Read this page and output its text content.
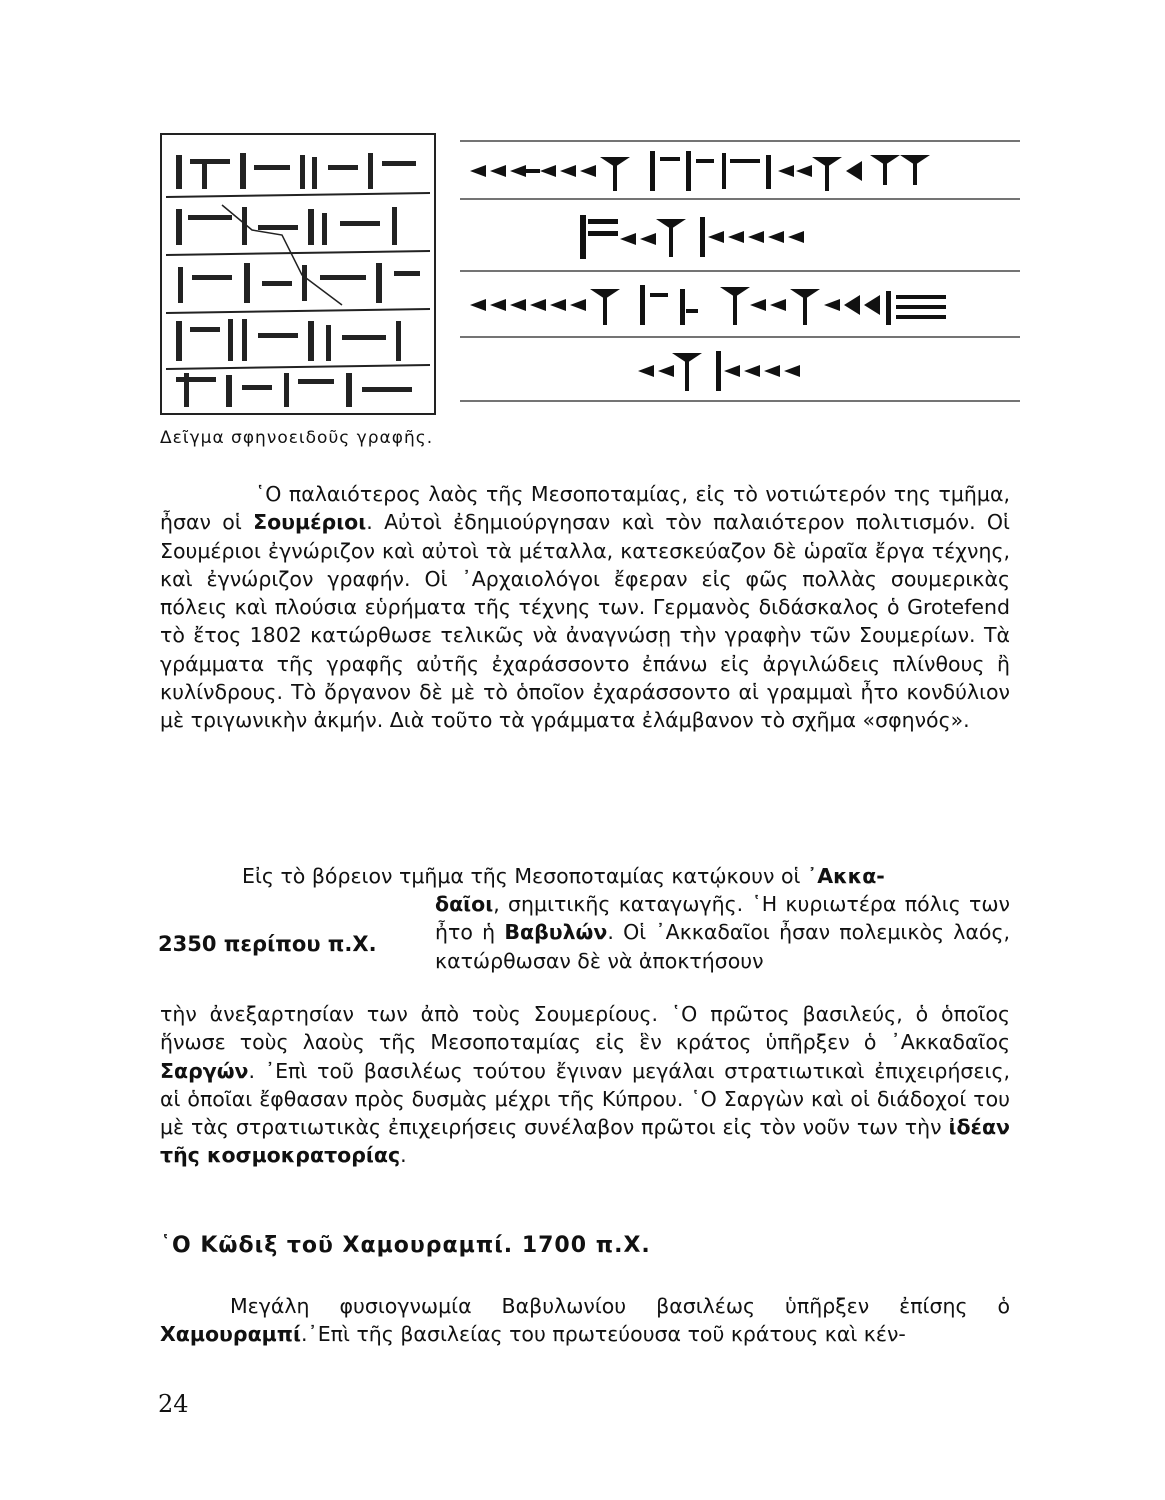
Δεῖγμα σφηνοειδοῦς γραφῆς.
῾Ο παλαιότερος λαὸς τῆς Μεσοποταμίας, εἰς τὸ νοτιώτερόν της τμῆμα, ἦσαν οἱ Σουμέριοι. Αὐτοὶ ἐδημιούργησαν καὶ τὸν παλαιότερον πολιτισμόν. Οἱ Σουμέριοι ἐγνώριζον καὶ αὐτοὶ τὰ μέταλλα, κατεσκεύαζον δὲ ὡραῖα ἔργα τέχνης, καὶ ἐγνώριζον γραφήν. Οἱ ᾿Αρχαιολόγοι ἔφεραν εἰς φῶς πολλὰς σουμερικὰς πόλεις καὶ πλούσια εὑρήματα τῆς τέχνης των. Γερμανὸς διδάσκαλος ὁ Grotefend τὸ ἔτος 1802 κατώρθωσε τελικῶς νὰ ἀναγνώσῃ τὴν γραφὴν τῶν Σουμερίων. Τὰ γράμματα τῆς γραφῆς αὐτῆς ἐχαράσσοντο ἐπάνω εἰς ἀργιλώδεις πλίνθους ἢ κυλίνδρους. Τὸ ὄργανον δὲ μὲ τὸ ὁποῖον ἐχαράσσοντο αἱ γραμμαὶ ἦτο κονδύλιον μὲ τριγωνικὴν ἀκμήν. Διὰ τοῦτο τὰ γράμματα ἐλάμβανον τὸ σχῆμα «σφηνός».
Εἰς τὸ βόρειον τμῆμα τῆς Μεσοποταμίας κατῴκουν οἱ ᾿Ακκα-
δαῖοι, σημιτικῆς καταγωγῆς. ῾Η κυριωτέρα πόλις των ἦτο ἡ Βαβυλών. Οἱ ᾿Ακκαδαῖοι ἦσαν πολεμικὸς λαός, κατώρθωσαν δὲ νὰ ἀποκτήσουν
2350 περίπου π.Χ.
τὴν ἀνεξαρτησίαν των ἀπὸ τοὺς Σουμερίους. ῾Ο πρῶτος βασιλεύς, ὁ ὁποῖος ἥνωσε τοὺς λαοὺς τῆς Μεσοποταμίας εἰς ἓν κράτος ὑπῆρξεν ὁ ᾿Ακκαδαῖος Σαργών. ᾿Επὶ τοῦ βασιλέως τούτου ἔγιναν μεγάλαι στρατιωτικαὶ ἐπιχειρήσεις, αἱ ὁποῖαι ἔφθασαν πρὸς δυσμὰς μέχρι τῆς Κύπρου. ῾Ο Σαργὼν καὶ οἱ διάδοχοί του μὲ τὰς στρατιωτικὰς ἐπιχειρήσεις συνέλαβον πρῶτοι εἰς τὸν νοῦν των τὴν ἰδέαν τῆς κοσμοκρατορίας.
῾Ο Κῶδιξ τοῦ Χαμουραμπί. 1700 π.Χ.
Μεγάλη φυσιογνωμία Βαβυλωνίου βασιλέως ὑπῆρξεν ἐπίσης ὁ Χαμουραμπί.᾿Επὶ τῆς βασιλείας του πρωτεύουσα τοῦ κράτους καὶ κέν-
24
